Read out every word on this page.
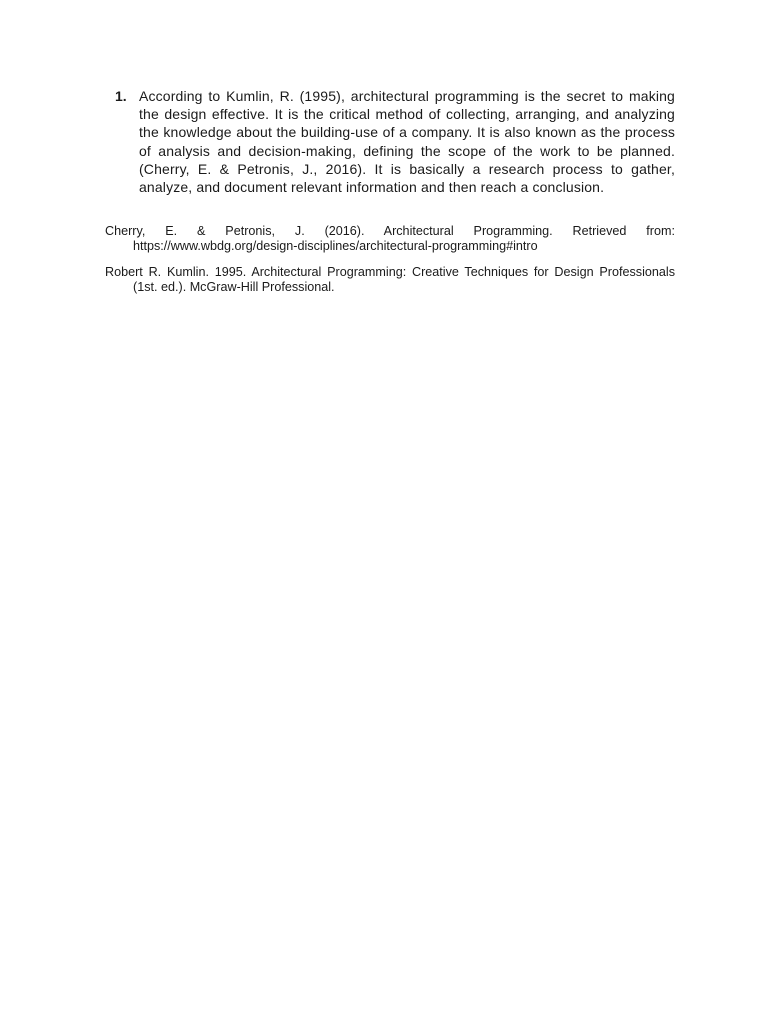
1. According to Kumlin, R. (1995), architectural programming is the secret to making the design effective. It is the critical method of collecting, arranging, and analyzing the knowledge about the building-use of a company. It is also known as the process of analysis and decision-making, defining the scope of the work to be planned. (Cherry, E. & Petronis, J., 2016). It is basically a research process to gather, analyze, and document relevant information and then reach a conclusion.

Cherry, E. & Petronis, J. (2016). Architectural Programming. Retrieved from: https://www.wbdg.org/design-disciplines/architectural-programming#intro

Robert R. Kumlin. 1995. Architectural Programming: Creative Techniques for Design Professionals (1st. ed.). McGraw-Hill Professional.
